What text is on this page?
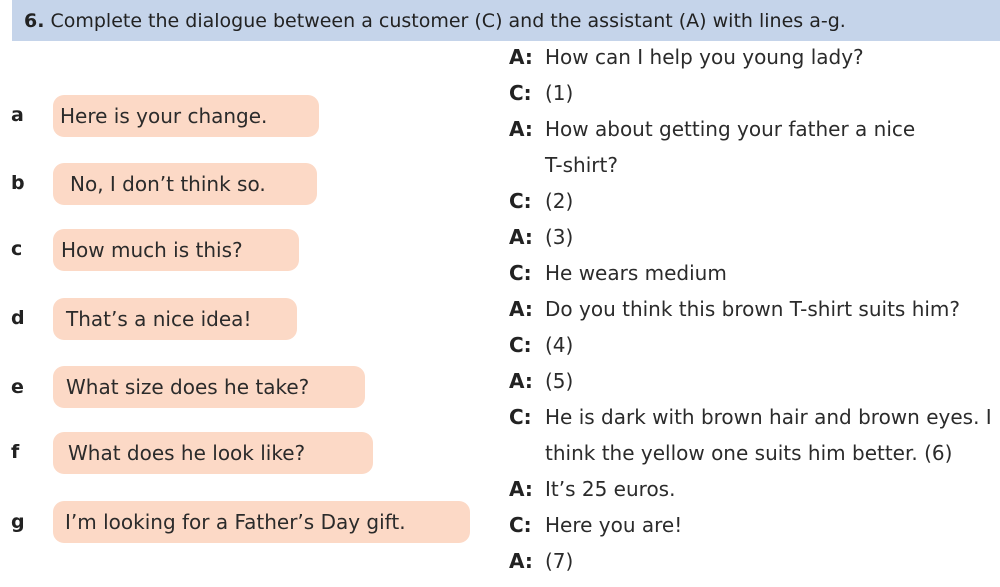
6. Complete the dialogue between a customer (C) and the assistant (A) with lines a-g.
a	Here is your change.
b	No, I don’t think so.
c	How much is this?
d	That’s a nice idea!
e	What size does he take?
f	What does he look like?
g	I’m looking for a Father’s Day gift.
A: How can I help you young lady?
C: (1)
A: How about getting your father a nice
T-shirt?
C: (2)
A: (3)
C: He wears medium
A: Do you think this brown T-shirt suits him?
C: (4)
A: (5)
C: He is dark with brown hair and brown eyes. I
think the yellow one suits him better. (6)
A: It’s 25 euros.
C: Here you are!
A: (7)
